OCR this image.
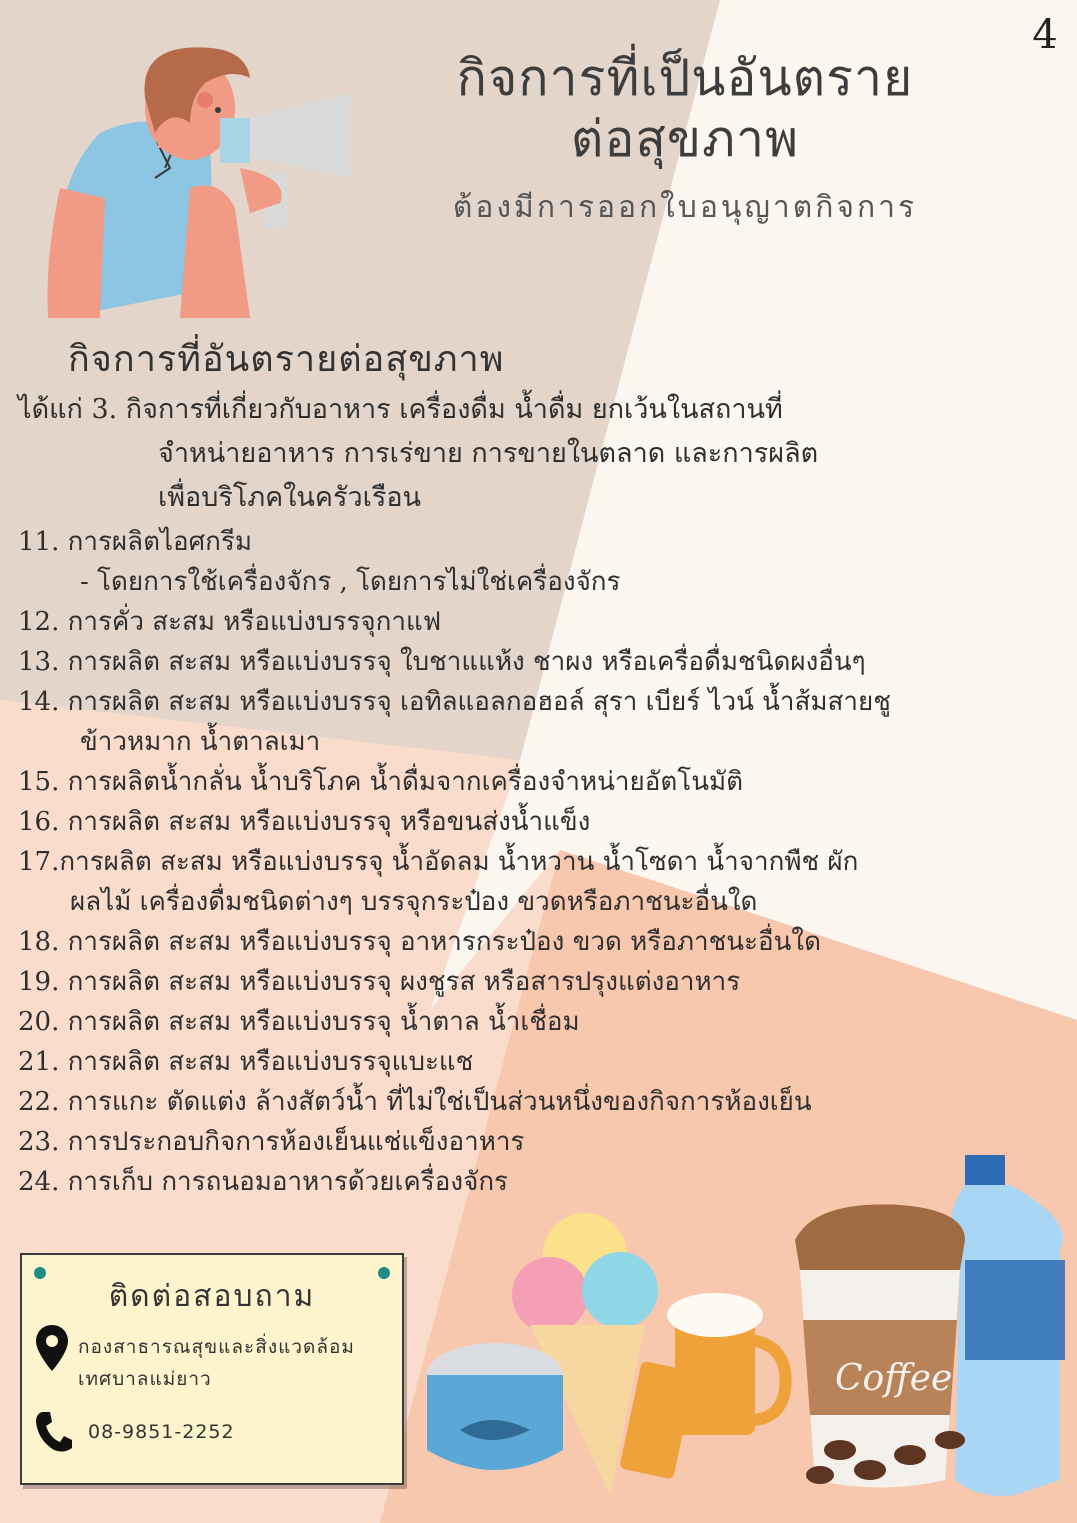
Coffee
4
กิจการที่เป็นอันตราย
ต่อสุขภาพ
ต้องมีการออกใบอนุญาตกิจการ
กิจการที่อันตรายต่อสุขภาพ
ได้แก่ 3. กิจการที่เกี่ยวกับอาหาร เครื่องดื่ม น้ำดื่ม ยกเว้นในสถานที่
จำหน่ายอาหาร การเร่ขาย การขายในตลาด และการผลิต
เพื่อบริโภคในครัวเรือน
11. การผลิตไอศกรีม
- โดยการใช้เครื่องจักร , โดยการไม่ใช่เครื่องจักร
12. การคั่ว สะสม หรือแบ่งบรรจุกาแฟ
13. การผลิต สะสม หรือแบ่งบรรจุ ใบชาแแห้ง ชาผง หรือเครื่อดื่มชนิดผงอื่นๆ
14. การผลิต สะสม หรือแบ่งบรรจุ เอทิลแอลกอฮอล์ สุรา เบียร์ ไวน์ น้ำส้มสายชู
ข้าวหมาก น้ำตาลเมา
15. การผลิตน้ำกลั่น น้ำบริโภค น้ำดื่มจากเครื่องจำหน่ายอัตโนมัติ
16. การผลิต สะสม หรือแบ่งบรรจุ หรือขนส่งน้ำแข็ง
17.การผลิต สะสม หรือแบ่งบรรจุ น้ำอัดลม น้ำหวาน น้ำโซดา น้ำจากพืช ผัก
ผลไม้ เครื่องดื่มชนิดต่างๆ บรรจุกระป๋อง ขวดหรือภาชนะอื่นใด
18. การผลิต สะสม หรือแบ่งบรรจุ อาหารกระป๋อง ขวด หรือภาชนะอื่นใด
19. การผลิต สะสม หรือแบ่งบรรจุ ผงชูรส หรือสารปรุงแต่งอาหาร
20. การผลิต สะสม หรือแบ่งบรรจุ น้ำตาล น้ำเชื่อม
21. การผลิต สะสม หรือแบ่งบรรจุแบะแช
22. การแกะ ตัดแต่ง ล้างสัตว์น้ำ ที่ไม่ใช่เป็นส่วนหนึ่งของกิจการห้องเย็น
23. การประกอบกิจการห้องเย็นแช่แข็งอาหาร
24. การเก็บ การถนอมอาหารด้วยเครื่องจักร
ติดต่อสอบถาม
กองสาธารณสุขและสิ่งแวดล้อม
เทศบาลแม่ยาว
08-9851-2252
